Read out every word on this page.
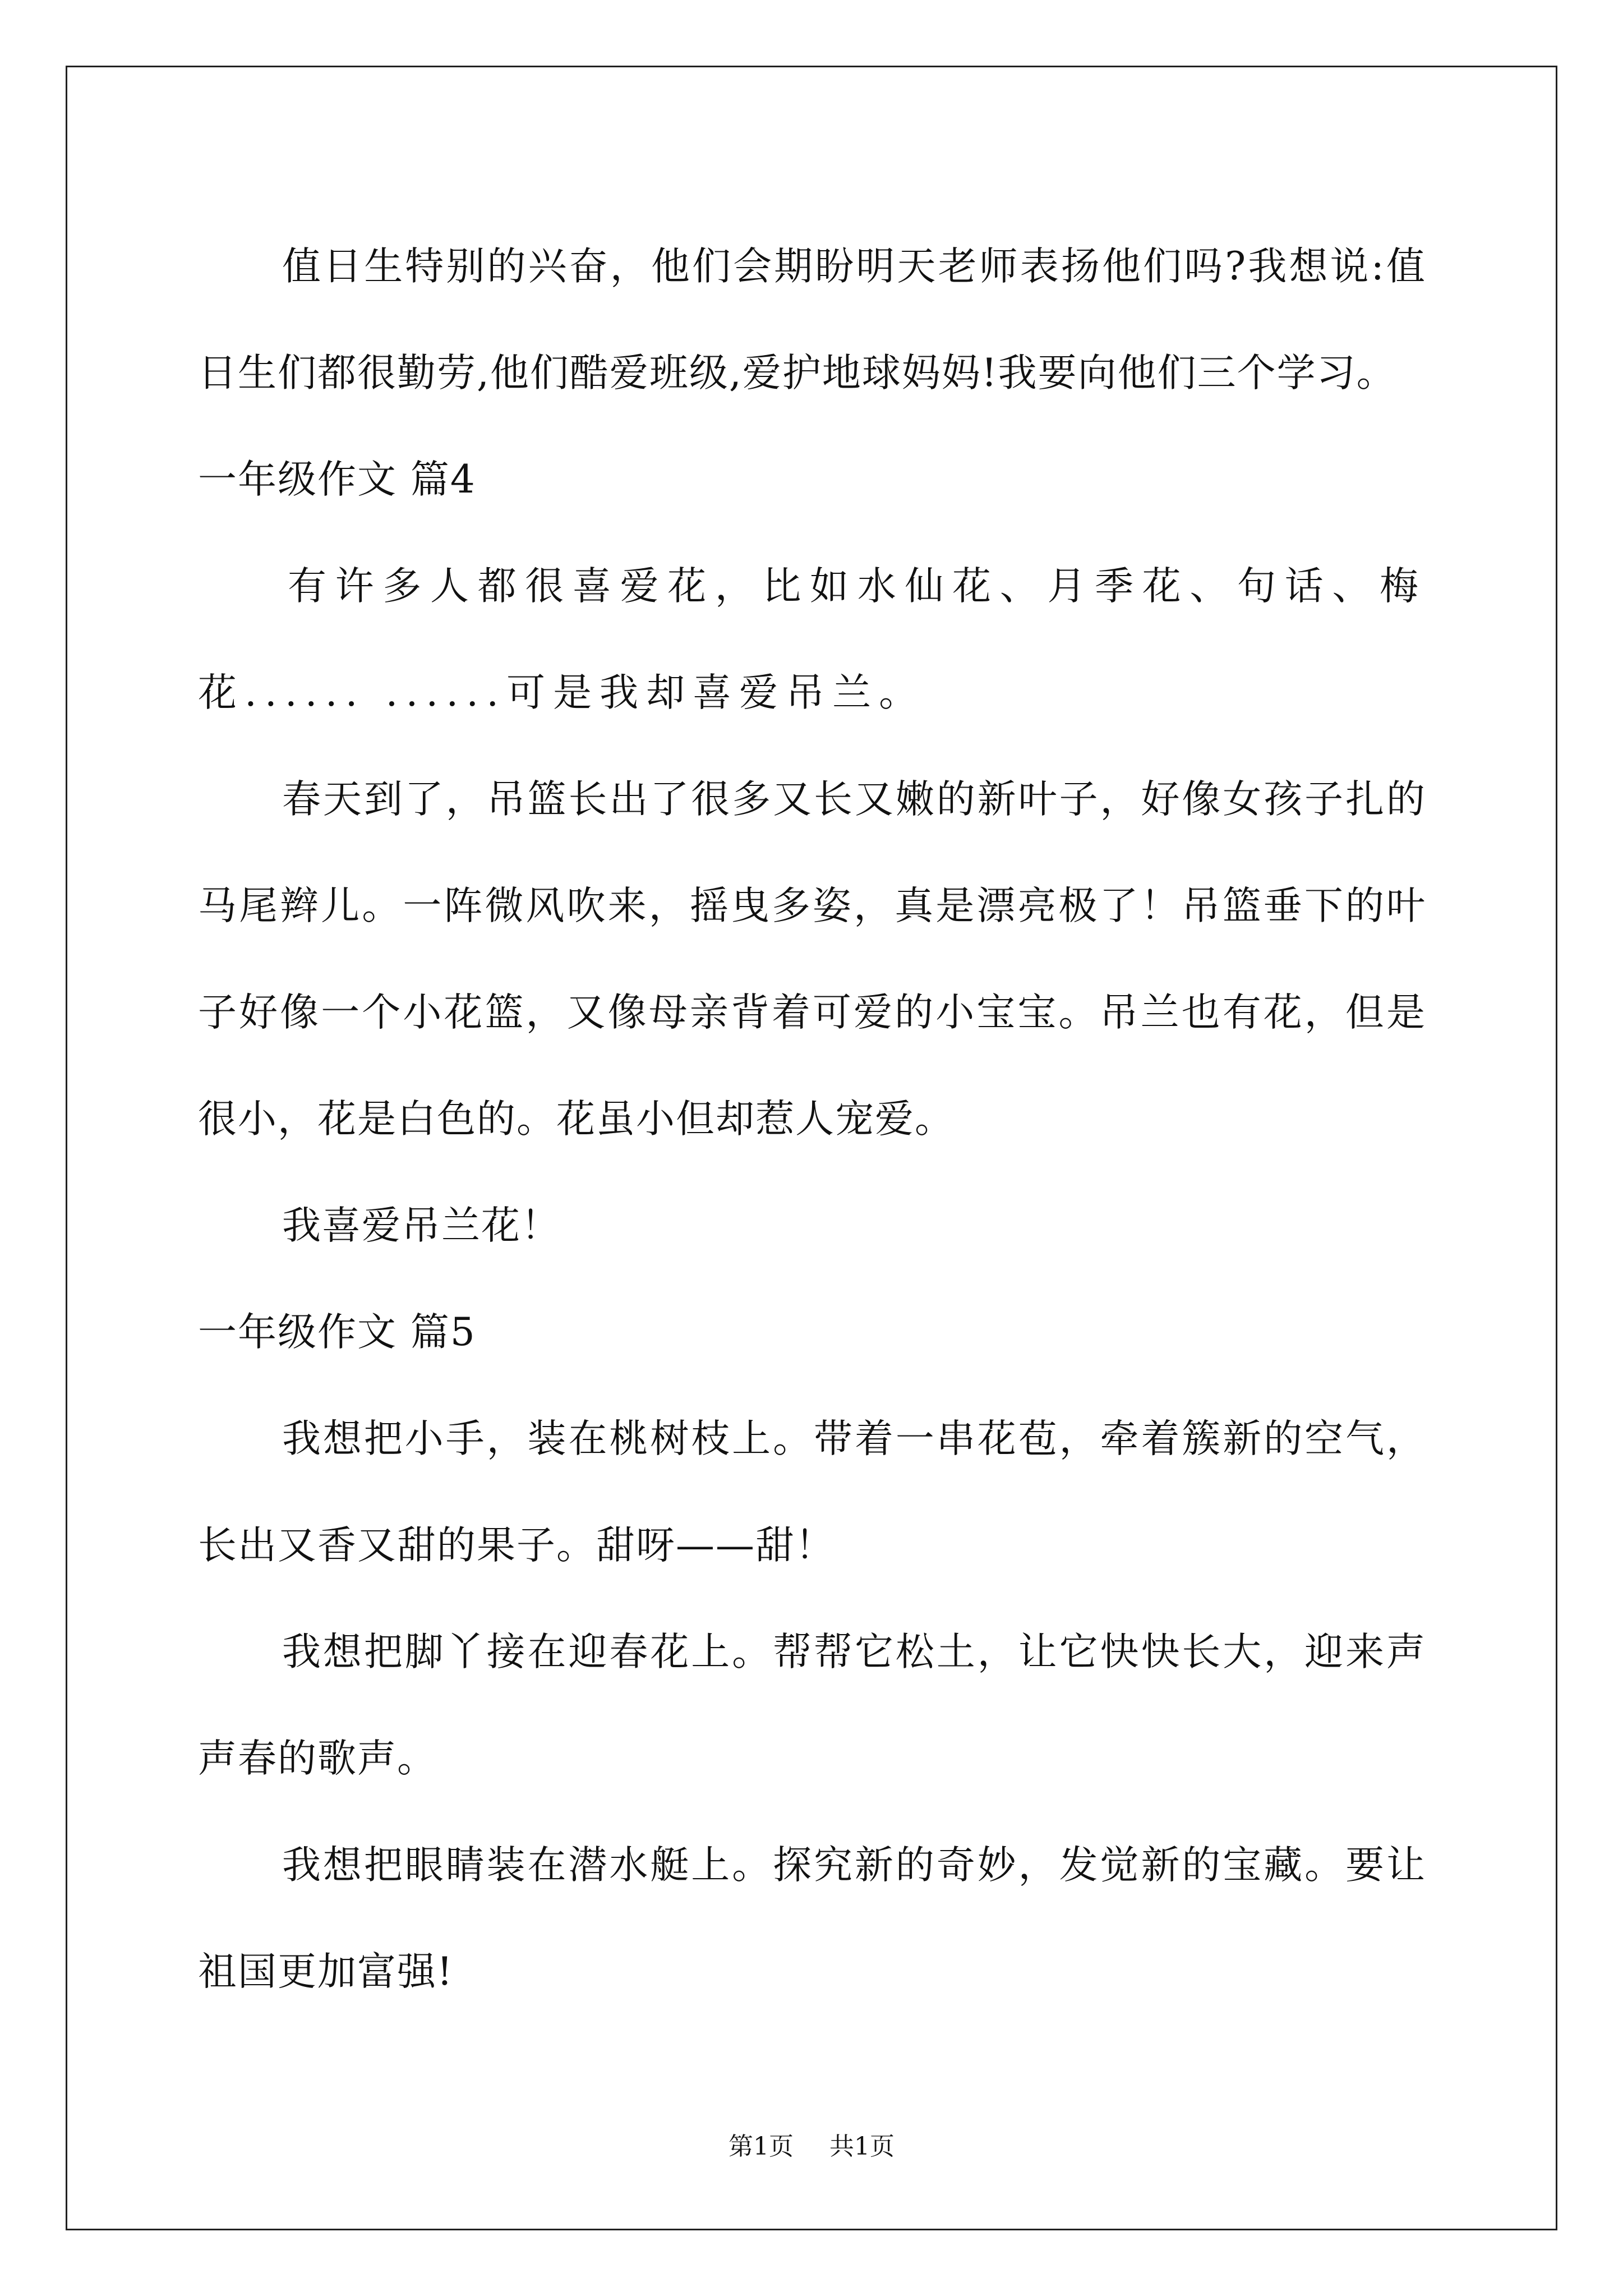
值日生特别的兴奋，他们会期盼明天老师表扬他们吗?我想说:值日生们都很勤劳,他们酷爱班级,爱护地球妈妈!我要向他们三个学习。

一年级作文 篇4

有许多人都很喜爱花，比如水仙花、月季花、句话、梅花...... ......可是我却喜爱吊兰。

春天到了，吊篮长出了很多又长又嫩的新叶子，好像女孩子扎的马尾辫儿。一阵微风吹来，摇曳多姿，真是漂亮极了！吊篮垂下的叶子好像一个小花篮，又像母亲背着可爱的小宝宝。吊兰也有花，但是很小，花是白色的。花虽小但却惹人宠爱。

我喜爱吊兰花！

一年级作文 篇5

我想把小手，装在桃树枝上。带着一串花苞，牵着簇新的空气，长出又香又甜的果子。甜呀——甜！

我想把脚丫接在迎春花上。帮帮它松土，让它快快长大，迎来声声春的歌声。

我想把眼睛装在潜水艇上。探究新的奇妙，发觉新的宝藏。要让祖国更加富强!

第1页 共1页
